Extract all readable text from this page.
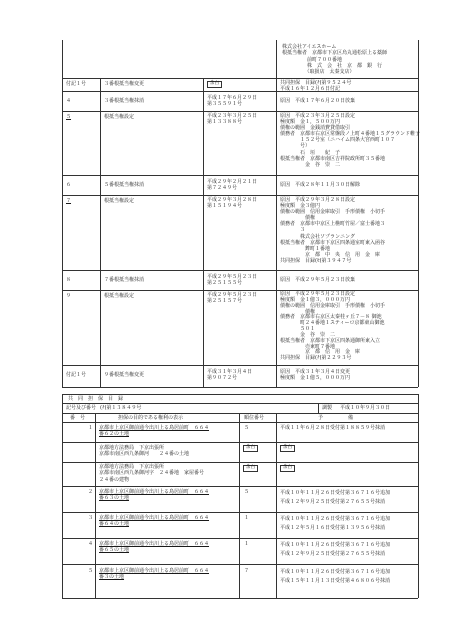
株式会社アイエスホーム
根抵当権者　京都市下京区烏丸通松原上る薬師
　　　　　前町７００番地
　　　　　株　式　会　社　京　都　銀　行
　　　　　（取扱店　太秦支店）
付記１号	３番根抵当権変更	余白	共同担保　目録(ﾁ)第９５２４号
平成１６年１２月６日付記
４	３番根抵当権抹消	平成１７年６月２９日
第３５５９１号
原因　平成１７年６月２０日放棄
５	根抵当権設定	平成２３年３月２５日
第１３３８８号
原因　平成２３年３月２５日設定
極度額　金１，５００万円
債権の範囲　金銭消費貸借取引
債務者　京都市右京区常盤段ノ上町４番地１５グラウンド帷子
　　　　１５２号室（ニハイム四条大宮西町１０７
　　　　号）
　　　　石　垣　　紀　子
根抵当権者　京都市南区吉祥院政所町３５番地
　　　　　金　谷　崇　二
６	５番根抵当権抹消	平成２９年２月２１日
第７２４９号
原因　平成２８年１１月３０日解除
７	根抵当権設定	平成２９年３月２８日
第１５１９４号
原因　平成２９年３月２８日設定
極度額　金３億円
債権の範囲　信用金庫取引　手形債権　小切手
　　　　　債権
債務者　京都市中京区上樵町竹屋／富士番地３
　　　　３
　　　　株式会社ソプランニング
根抵当権者　京都市下京区四条通室町東入函谷
　　　　　鉾町１番地
　　　　　京　都　中　央　信　用　金　庫
共同担保　目録(ｾ)第３９４７号
８	７番根抵当権抹消	平成２９年５月２３日
第２５１５５号
原因　平成２９年５月２３日放棄
９	根抵当権設定	平成２９年５月２３日
第２５１５７号
原因　平成２９年５月２３日設定
極度額　金１億３，０００万円
債権の範囲　信用金庫取引　手形債権　小切手
　　　　　債権
債務者　京都市右京区太秦桂ヶ丘７－８ 御池
　　　　町２４番地１スティーロ京都東山御池
　　　　５０１
　　　　金　谷　崇　二
根抵当権者　京都市下京区四条通御所東入立
　　　　　売東町７番地
　　　　　京　都　信　用　金　庫
共同担保　目録(ﾁ)第２２９３号
付記１号	９番根抵当権変更	平成３１年３月４日
第９０７２号
原因　平成３１年３月４日変更
極度額　金１億５，０００万円
共　同　担　保　目　録
記号及び番号 (ﾁ)第１３８４９号	調製 平成１０年９月３０日
番　号	担保の目的である権利の表示	順位番号	予　　　　　備
１ 京都市上京区御前通今出川上る鳥居前町　６６４
番６２の土地
５	平成１１年６月２８日受付第１８８５９号抹消
京都地方法務局　下京出張所
京都市南区西九条御河　　２４番の土地
余白	余白
京都地方法務局　下京出張所
京都市南区西九条御河字　２４番地　家屋番号
２４番の建物
余白	余白
２ 京都市上京区御前通今出川上る鳥居前町　６６４
番６３の土地
５	平成１０年１１月２６日受付第３６７１６号追加
平成１２年９月２５日受付第２７６５５号抹消
３ 京都市上京区御前通今出川上る鳥居前町　６６４
番６４の土地
１	平成１０年１１月２６日受付第３６７１６号追加
平成１２年５月１６日受付第１３９５６号抹消
４ 京都市上京区御前通今出川上る鳥居前町　６６４
番６５の土地
１	平成１０年１１月２６日受付第３６７１６号追加
平成１２年９月２５日受付第２７６５５号抹消
５ 京都市上京区御前通今出川上る鳥居前町　６６４
番３の土地
７	平成１０年１１月２６日受付第３６７１６号追加
平成１５年１１月１３日受付第４６８０６号抹消
